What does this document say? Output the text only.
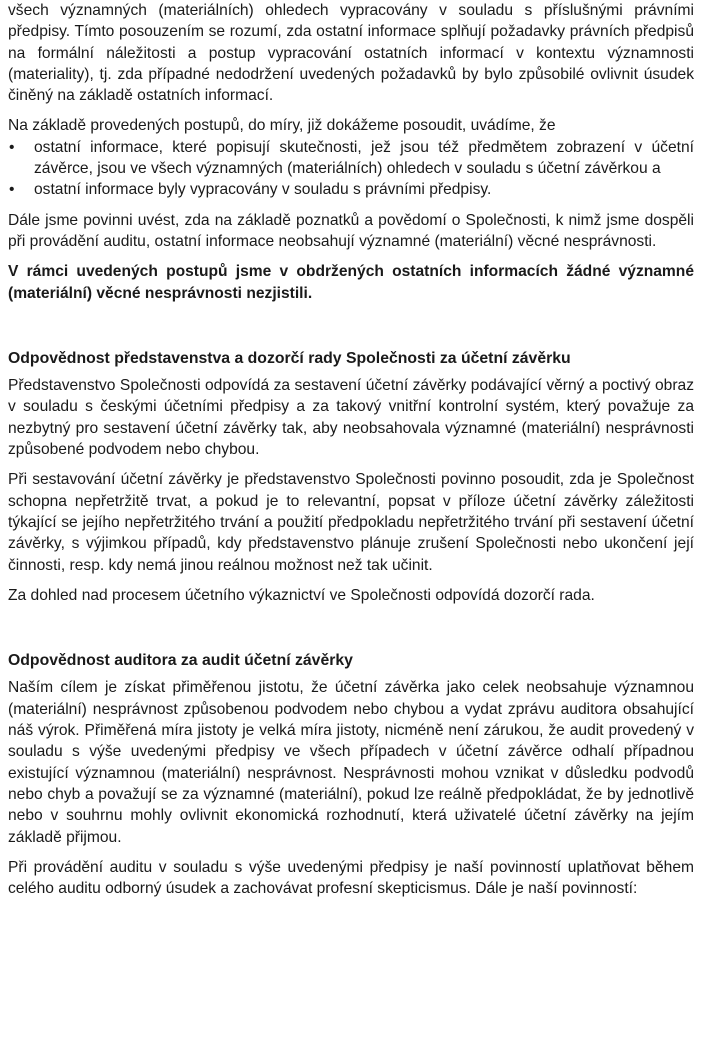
všech významných (materiálních) ohledech vypracovány v souladu s příslušnými právními předpisy. Tímto posouzením se rozumí, zda ostatní informace splňují požadavky právních předpisů na formální náležitosti a postup vypracování ostatních informací v kontextu významnosti (materiality), tj. zda případné nedodržení uvedených požadavků by bylo způsobilé ovlivnit úsudek činěný na základě ostatních informací.

Na základě provedených postupů, do míry, již dokážeme posoudit, uvádíme, že

• ostatní informace, které popisují skutečnosti, jež jsou též předmětem zobrazení v účetní závěrce, jsou ve všech významných (materiálních) ohledech v souladu s účetní závěrkou a
• ostatní informace byly vypracovány v souladu s právními předpisy.

Dále jsme povinni uvést, zda na základě poznatků a povědomí o Společnosti, k nimž jsme dospěli při provádění auditu, ostatní informace neobsahují významné (materiální) věcné nesprávnosti.

V rámci uvedených postupů jsme v obdržených ostatních informacích žádné významné (materiální) věcné nesprávnosti nezjistili.

Odpovědnost představenstva a dozorčí rady Společnosti za účetní závěrku

Představenstvo Společnosti odpovídá za sestavení účetní závěrky podávající věrný a poctivý obraz v souladu s českými účetními předpisy a za takový vnitřní kontrolní systém, který považuje za nezbytný pro sestavení účetní závěrky tak, aby neobsahovala významné (materiální) nesprávnosti způsobené podvodem nebo chybou.

Při sestavování účetní závěrky je představenstvo Společnosti povinno posoudit, zda je Společnost schopna nepřetržitě trvat, a pokud je to relevantní, popsat v příloze účetní závěrky záležitosti týkající se jejího nepřetržitého trvání a použití předpokladu nepřetržitého trvání při sestavení účetní závěrky, s výjimkou případů, kdy představenstvo plánuje zrušení Společnosti nebo ukončení její činnosti, resp. kdy nemá jinou reálnou možnost než tak učinit.

Za dohled nad procesem účetního výkaznictví ve Společnosti odpovídá dozorčí rada.

Odpovědnost auditora za audit účetní závěrky

Naším cílem je získat přiměřenou jistotu, že účetní závěrka jako celek neobsahuje významnou (materiální) nesprávnost způsobenou podvodem nebo chybou a vydat zprávu auditora obsahující náš výrok. Přiměřená míra jistoty je velká míra jistoty, nicméně není zárukou, že audit provedený v souladu s výše uvedenými předpisy ve všech případech v účetní závěrce odhalí případnou existující významnou (materiální) nesprávnost. Nesprávnosti mohou vznikat v důsledku podvodů nebo chyb a považují se za významné (materiální), pokud lze reálně předpokládat, že by jednotlivě nebo v souhrnu mohly ovlivnit ekonomická rozhodnutí, která uživatelé účetní závěrky na jejím základě přijmou.

Při provádění auditu v souladu s výše uvedenými předpisy je naší povinností uplatňovat během celého auditu odborný úsudek a zachovávat profesní skepticismus. Dále je naší povinností:
